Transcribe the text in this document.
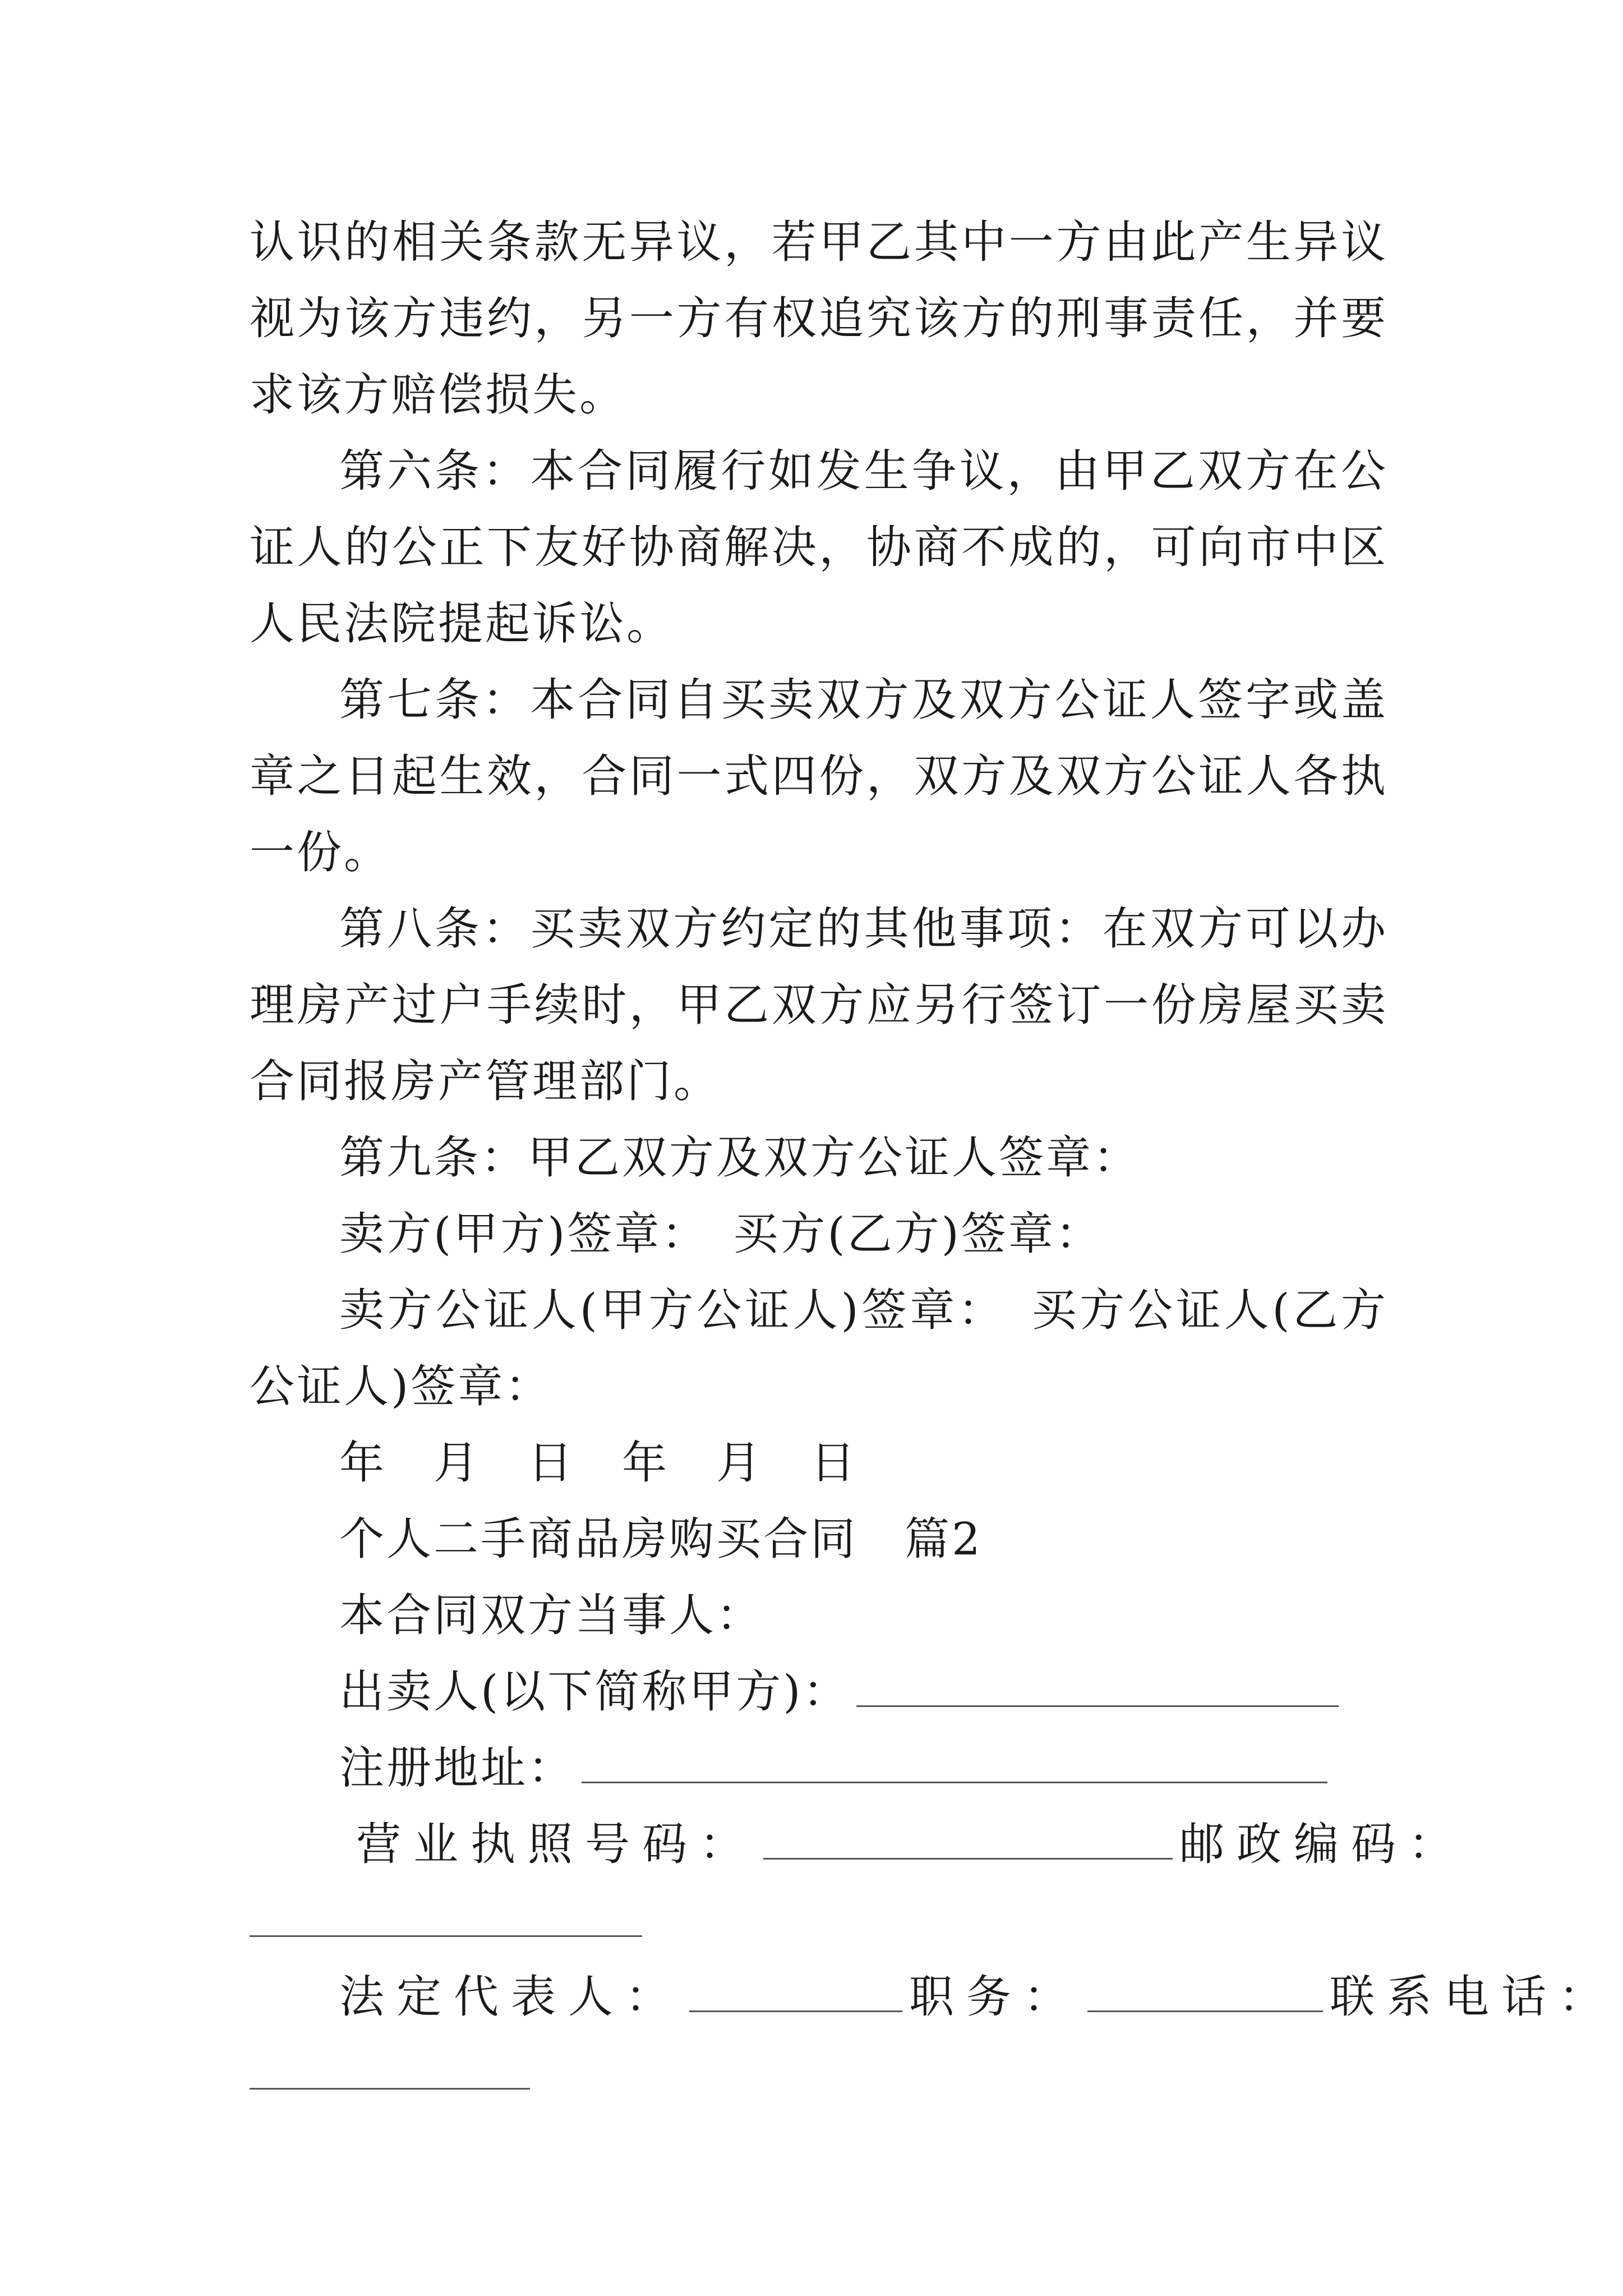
认识的相关条款无异议，若甲乙其中一方由此产生异议视为该方违约，另一方有权追究该方的刑事责任，并要求该方赔偿损失。

第六条：本合同履行如发生争议，由甲乙双方在公证人的公正下友好协商解决，协商不成的，可向市中区人民法院提起诉讼。

第七条：本合同自买卖双方及双方公证人签字或盖章之日起生效，合同一式四份，双方及双方公证人各执一份。

第八条：买卖双方约定的其他事项：在双方可以办理房产过户手续时，甲乙双方应另行签订一份房屋买卖合同报房产管理部门。

第九条：甲乙双方及双方公证人签章：

卖方(甲方)签章：　买方(乙方)签章：

卖方公证人(甲方公证人)签章：　买方公证人(乙方公证人)签章：

年　月　日　年　月　日

个人二手商品房购买合同　篇2

本合同双方当事人：

出卖人(以下简称甲方)：

注册地址：

营业执照号码：	邮政编码：

法定代表人：	职务：	联系电话：
